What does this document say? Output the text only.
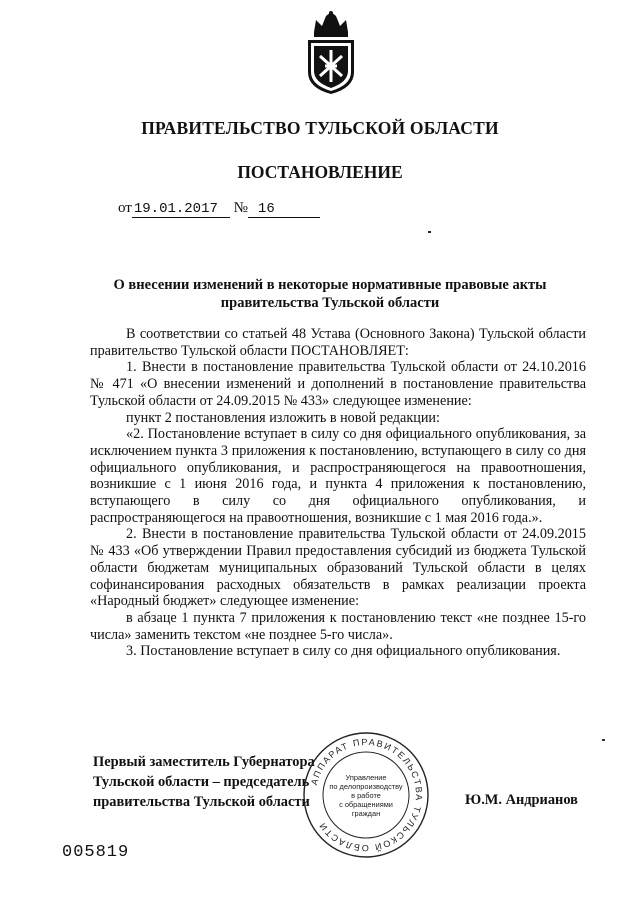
ПРАВИТЕЛЬСТВО ТУЛЬСКОЙ ОБЛАСТИ
ПОСТАНОВЛЕНИЕ
от 19.01.2017 № 16
О внесении изменений в некоторые нормативные правовые акты
правительства Тульской области

В соответствии со статьей 48 Устава (Основного Закона) Тульской области правительство Тульской области ПОСТАНОВЛЯЕТ:

1. Внести в постановление правительства Тульской области от 24.10.2016 № 471 «О внесении изменений и дополнений в постановление правительства Тульской области от 24.09.2015 № 433» следующее изменение:

пункт 2 постановления изложить в новой редакции:

«2. Постановление вступает в силу со дня официального опубликования, за исключением пункта 3 приложения к постановлению, вступающего в силу со дня официального опубликования, и распространяющегося на правоотношения, возникшие с 1 июня 2016 года, и пункта 4 приложения к постановлению, вступающего в силу со дня официального опубликования, и распространяющегося на правоотношения, возникшие с 1 мая 2016 года.».

2. Внести в постановление правительства Тульской области от 24.09.2015 № 433 «Об утверждении Правил предоставления субсидий из бюджета Тульской области бюджетам муниципальных образований Тульской области в целях софинансирования расходных обязательств в рамках реализации проекта «Народный бюджет» следующее изменение:

в абзаце 1 пункта 7 приложения к постановлению текст «не позднее 15-го числа» заменить текстом «не позднее 5-го числа».

3. Постановление вступает в силу со дня официального опубликования.

Первый заместитель Губернатора
Тульской области – председатель
правительства Тульской области
АППАРАТ ПРАВИТЕЛЬСТВА ТУЛЬСКОЙ ОБЛАСТИ
Управление
по делопроизводству
в работе
с обращениями
граждан
Ю.М. Андрианов
005819
